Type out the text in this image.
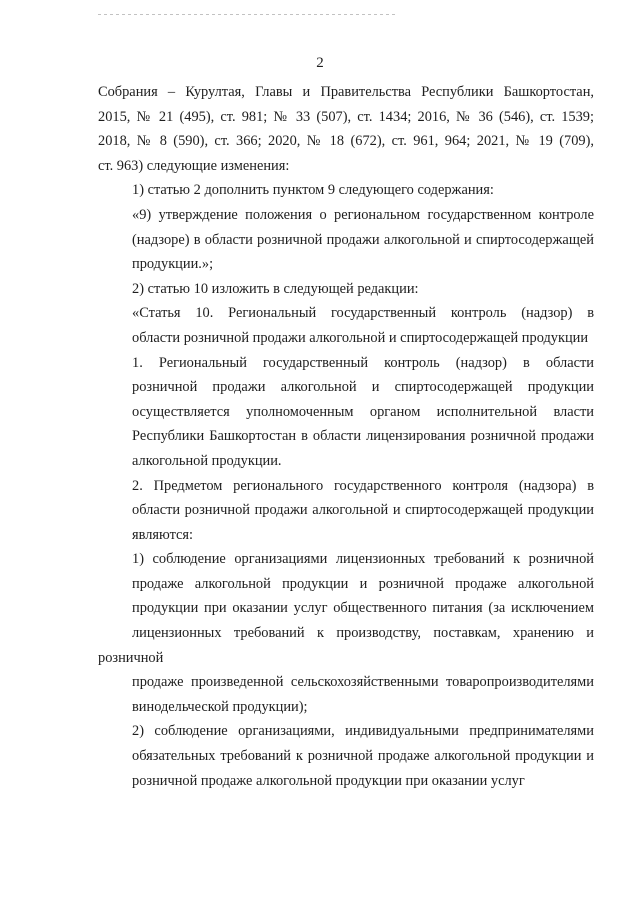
2
Собрания – Курултая, Главы и Правительства Республики Башкортостан,
2015, № 21 (495), ст. 981; № 33 (507), ст. 1434; 2016, № 36 (546), ст. 1539;
2018, № 8 (590), ст. 366; 2020, № 18 (672), ст. 961, 964; 2021, № 19 (709),
ст. 963) следующие изменения:
1) статью 2 дополнить пунктом 9 следующего содержания:
«9) утверждение положения о региональном государственном контроле
(надзоре) в области розничной продажи алкогольной и спиртосодержащей
продукции.»;
2) статью 10 изложить в следующей редакции:
«Статья 10. Региональный государственный контроль (надзор) в
области розничной продажи алкогольной и спиртосодержащей продукции
1. Региональный государственный контроль (надзор) в области
розничной продажи алкогольной и спиртосодержащей продукции
осуществляется уполномоченным органом исполнительной власти
Республики Башкортостан в области лицензирования розничной продажи
алкогольной продукции.
2. Предметом регионального государственного контроля (надзора) в
области розничной продажи алкогольной и спиртосодержащей продукции
являются:
1) соблюдение организациями лицензионных требований к розничной
продаже алкогольной продукции и розничной продаже алкогольной
продукции при оказании услуг общественного питания (за исключением
лицензионных требований к производству, поставкам, хранению и розничной
продаже произведенной сельскохозяйственными товаропроизводителями
винодельческой продукции);
2) соблюдение организациями, индивидуальными предпринимателями
обязательных требований к розничной продаже алкогольной продукции и
розничной продаже алкогольной продукции при оказании услуг
